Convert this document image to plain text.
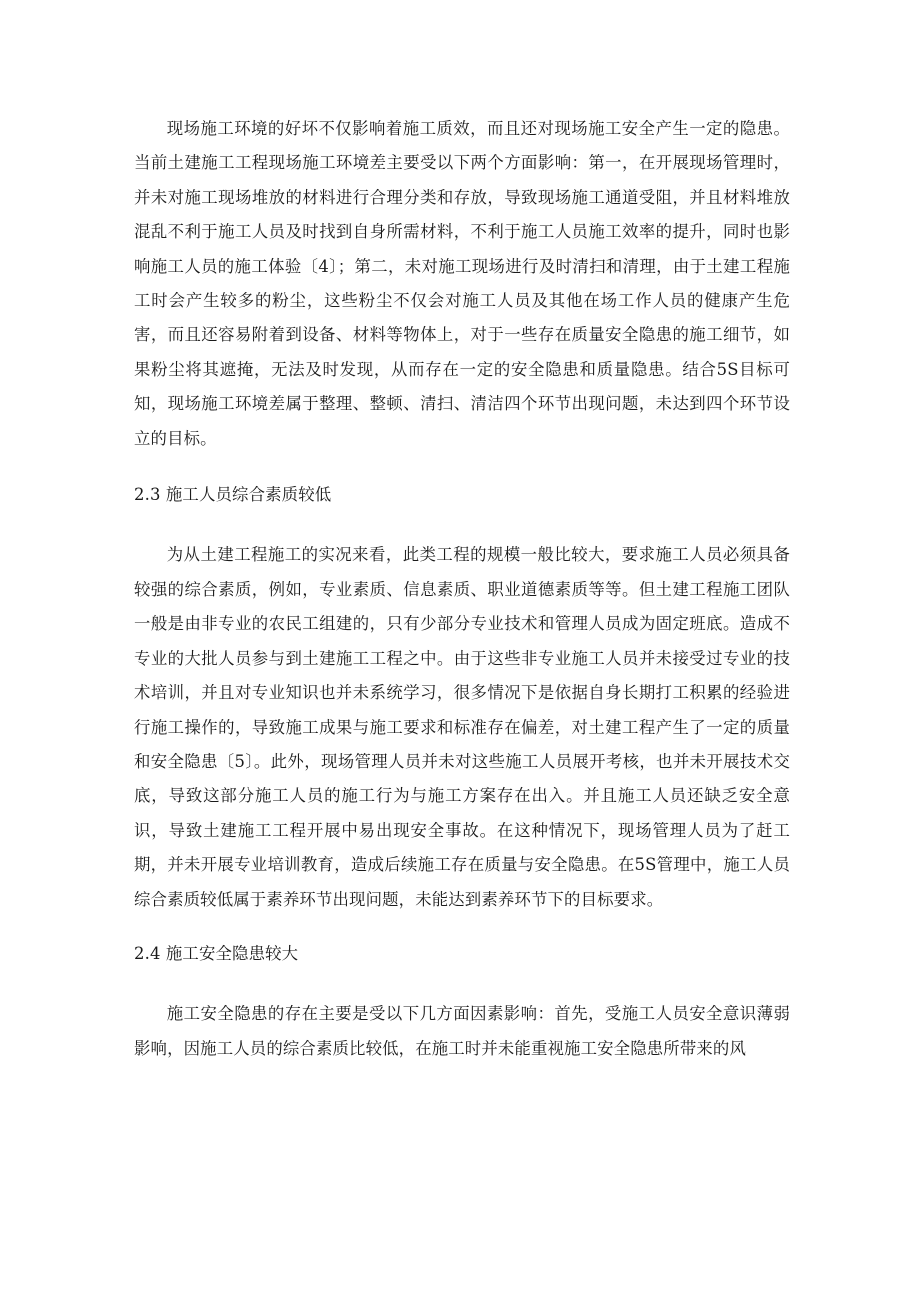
现场施工环境的好坏不仅影响着施工质效，而且还对现场施工安全产生一定的隐患。当前土建施工工程现场施工环境差主要受以下两个方面影响：第一，在开展现场管理时，并未对施工现场堆放的材料进行合理分类和存放，导致现场施工通道受阻，并且材料堆放混乱不利于施工人员及时找到自身所需材料，不利于施工人员施工效率的提升，同时也影响施工人员的施工体验〔4〕；第二，未对施工现场进行及时清扫和清理，由于土建工程施工时会产生较多的粉尘，这些粉尘不仅会对施工人员及其他在场工作人员的健康产生危害，而且还容易附着到设备、材料等物体上，对于一些存在质量安全隐患的施工细节，如果粉尘将其遮掩，无法及时发现，从而存在一定的安全隐患和质量隐患。结合5S目标可知，现场施工环境差属于整理、整顿、清扫、清洁四个环节出现问题，未达到四个环节设立的目标。

2.3 施工人员综合素质较低

为从土建工程施工的实况来看，此类工程的规模一般比较大，要求施工人员必须具备较强的综合素质，例如，专业素质、信息素质、职业道德素质等等。但土建工程施工团队一般是由非专业的农民工组建的，只有少部分专业技术和管理人员成为固定班底。造成不专业的大批人员参与到土建施工工程之中。由于这些非专业施工人员并未接受过专业的技术培训，并且对专业知识也并未系统学习，很多情况下是依据自身长期打工积累的经验进行施工操作的，导致施工成果与施工要求和标准存在偏差，对土建工程产生了一定的质量和安全隐患〔5〕。此外，现场管理人员并未对这些施工人员展开考核，也并未开展技术交底，导致这部分施工人员的施工行为与施工方案存在出入。并且施工人员还缺乏安全意识，导致土建施工工程开展中易出现安全事故。在这种情况下，现场管理人员为了赶工期，并未开展专业培训教育，造成后续施工存在质量与安全隐患。在5S管理中，施工人员综合素质较低属于素养环节出现问题，未能达到素养环节下的目标要求。

2.4 施工安全隐患较大

施工安全隐患的存在主要是受以下几方面因素影响：首先，受施工人员安全意识薄弱影响，因施工人员的综合素质比较低，在施工时并未能重视施工安全隐患所带来的风
